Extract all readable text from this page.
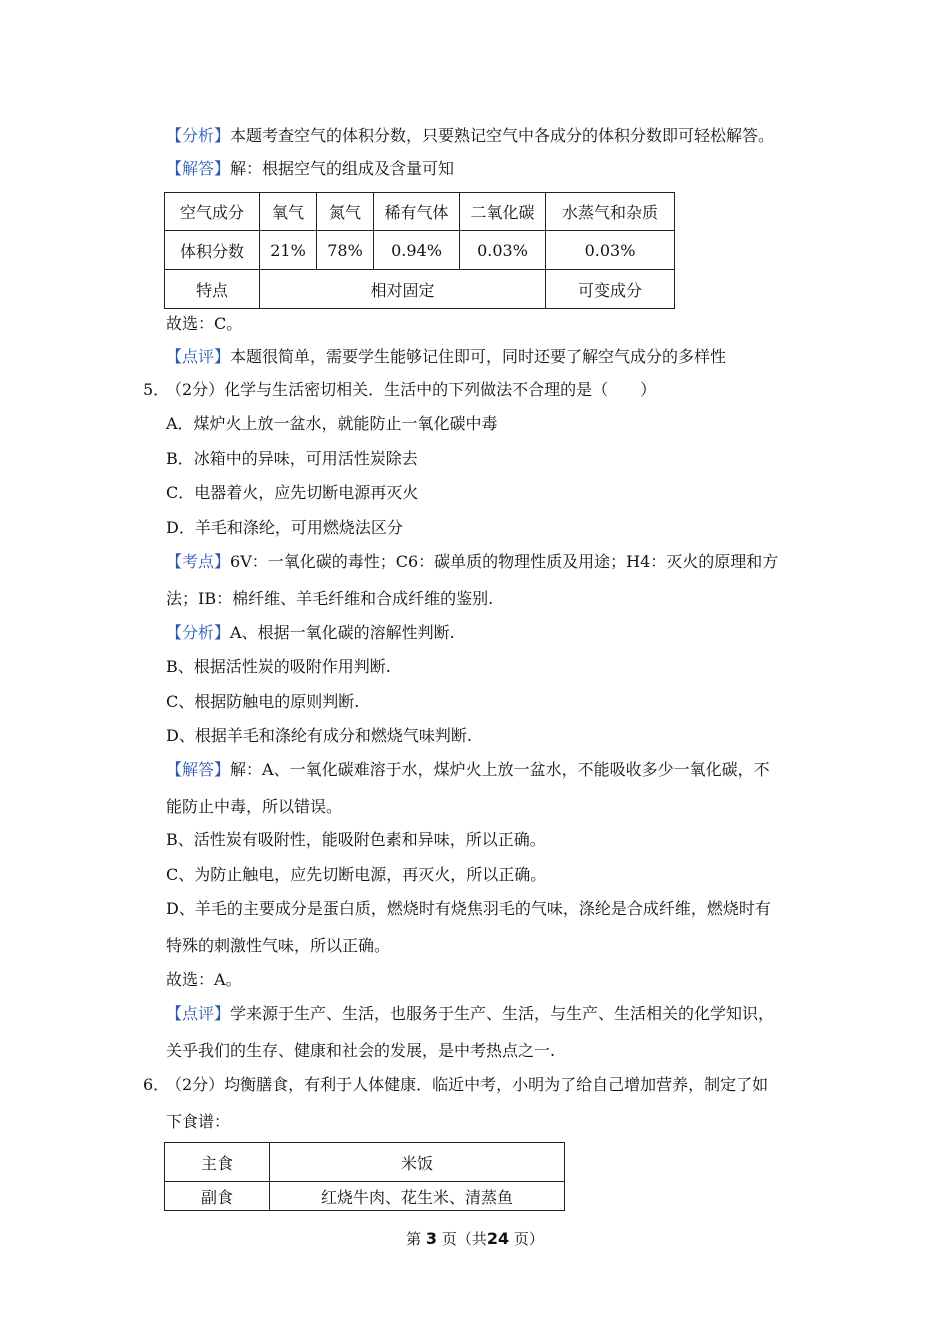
【分析】本题考查空气的体积分数，只要熟记空气中各成分的体积分数即可轻松解答。
【解答】解：根据空气的组成及含量可知
空气成分	氧气	氮气	稀有气体	二氧化碳	水蒸气和杂质
体积分数	21%	78%	0.94%	0.03%	0.03%
特点	相对固定				可变成分
故选：C。
【点评】本题很简单，需要学生能够记住即可，同时还要了解空气成分的多样性
5．
（2分）化学与生活密切相关．生活中的下列做法不合理的是（　　）
A．煤炉火上放一盆水，就能防止一氧化碳中毒
B．冰箱中的异味，可用活性炭除去
C．电器着火，应先切断电源再灭火
D．羊毛和涤纶，可用燃烧法区分
【考点】6V：一氧化碳的毒性；C6：碳单质的物理性质及用途；H4：灭火的原理和方
法；IB：棉纤维、羊毛纤维和合成纤维的鉴别.
【分析】A、根据一氧化碳的溶解性判断.
B、根据活性炭的吸附作用判断.
C、根据防触电的原则判断.
D、根据羊毛和涤纶有成分和燃烧气味判断.
【解答】解：A、一氧化碳难溶于水，煤炉火上放一盆水，不能吸收多少一氧化碳，不
能防止中毒，所以错误。
B、活性炭有吸附性，能吸附色素和异味，所以正确。
C、为防止触电，应先切断电源，再灭火，所以正确。
D、羊毛的主要成分是蛋白质，燃烧时有烧焦羽毛的气味，涤纶是合成纤维，燃烧时有
特殊的刺激性气味，所以正确。
故选：A。
【点评】学来源于生产、生活，也服务于生产、生活，与生产、生活相关的化学知识，
关乎我们的生存、健康和社会的发展，是中考热点之一.
6．
（2分）均衡膳食，有利于人体健康．临近中考，小明为了给自己增加营养，制定了如
下食谱：
主食	米饭
副食	红烧牛肉、花生米、清蒸鱼
第 3 页（共24 页）
